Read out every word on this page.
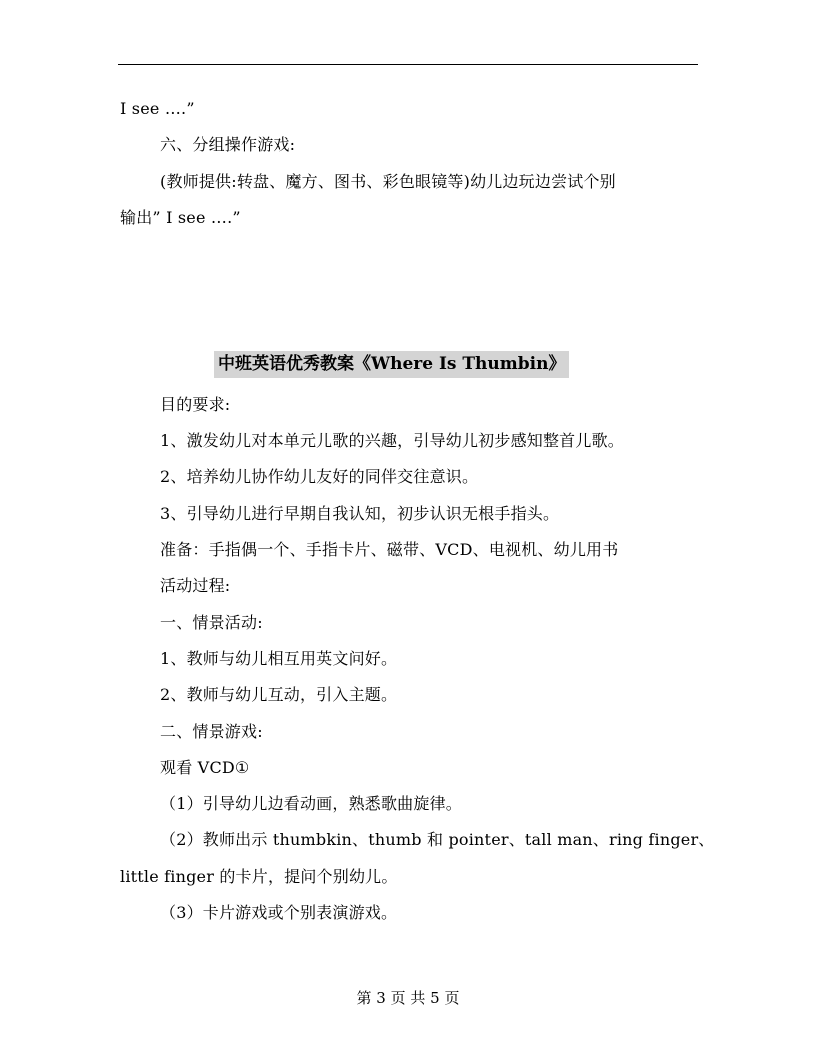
I see ….”
六、分组操作游戏:
(教师提供:转盘、魔方、图书、彩色眼镜等)幼儿边玩边尝试个别
输出” I see ….”
中班英语优秀教案《Where Is Thumbin》
目的要求:
1、激发幼儿对本单元儿歌的兴趣，引导幼儿初步感知整首儿歌。
2、培养幼儿协作幼儿友好的同伴交往意识。
3、引导幼儿进行早期自我认知，初步认识无根手指头。
准备：手指偶一个、手指卡片、磁带、VCD、电视机、幼儿用书
活动过程:
一、情景活动:
1、教师与幼儿相互用英文问好。
2、教师与幼儿互动，引入主题。
二、情景游戏:
观看 VCD①
（1）引导幼儿边看动画，熟悉歌曲旋律。
（2）教师出示 thumbkin、thumb 和 pointer、tall man、ring finger、
little finger 的卡片，提问个别幼儿。
（3）卡片游戏或个别表演游戏。
第 3 页 共 5 页
